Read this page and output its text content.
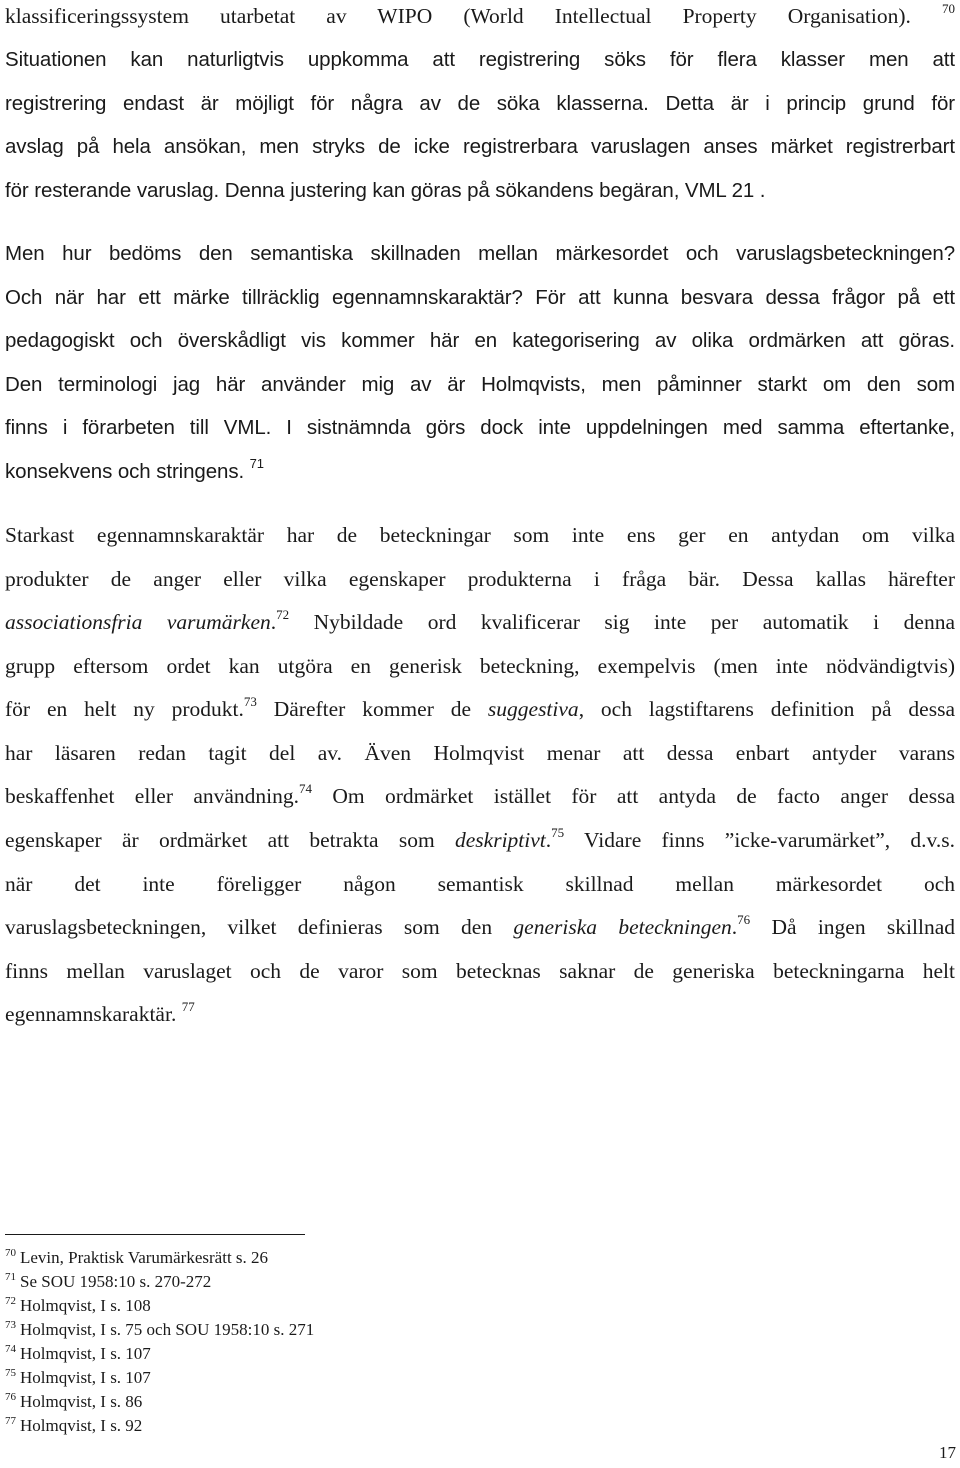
klassificeringssystem utarbetat av WIPO (World Intellectual Property Organisation). $^{70}$
Situationen kan naturligtvis uppkomma att registrering söks för flera klasser men att
registrering endast är möjligt för några av de söka klasserna. Detta är i princip grund för
avslag på hela ansökan, men stryks de icke registrerbara varuslagen anses märket registrerbart
för resterande varuslag. Denna justering kan göras på sökandens begäran, VML 21 .
Men hur bedöms den semantiska skillnaden mellan märkesordet och varuslagsbeteckningen?
Och när har ett märke tillräcklig egennamnskaraktär? För att kunna besvara dessa frågor på ett
pedagogiskt och överskådligt vis kommer här en kategorisering av olika ordmärken att göras.
Den terminologi jag här använder mig av är Holmqvists, men påminner starkt om den som
finns i förarbeten till VML. I sistnämnda görs dock inte uppdelningen med samma eftertanke,
konsekvens och stringens. $^{71}$
Starkast egennamnskaraktär har de beteckningar som inte ens ger en antydan om vilka
produkter de anger eller vilka egenskaper produkterna i fråga bär. Dessa kallas härefter
associationsfria varumärken.$^{72}$ Nybildade ord kvalificerar sig inte per automatik i denna
grupp eftersom ordet kan utgöra en generisk beteckning, exempelvis (men inte nödvändigtvis)
för en helt ny produkt.$^{73}$ Därefter kommer de suggestiva, och lagstiftarens definition på dessa
har läsaren redan tagit del av. Även Holmqvist menar att dessa enbart antyder varans
beskaffenhet eller användning.$^{74}$ Om ordmärket istället för att antyda de facto anger dessa
egenskaper är ordmärket att betrakta som deskriptivt.$^{75}$ Vidare finns ”icke-varumärket”, d.v.s.
när det inte föreligger någon semantisk skillnad mellan märkesordet och
varuslagsbeteckningen, vilket definieras som den generiska beteckningen.$^{76}$ Då ingen skillnad
finns mellan varuslaget och de varor som betecknas saknar de generiska beteckningarna helt
egennamnskaraktär. $^{77}$
$^{70}$ Levin, Praktisk Varumärkesrätt s. 26
$^{71}$ Se SOU 1958:10 s. 270-272
$^{72}$ Holmqvist, I s. 108
$^{73}$ Holmqvist, I s. 75 och SOU 1958:10 s. 271
$^{74}$ Holmqvist, I s. 107
$^{75}$ Holmqvist, I s. 107
$^{76}$ Holmqvist, I s. 86
$^{77}$ Holmqvist, I s. 92
17
